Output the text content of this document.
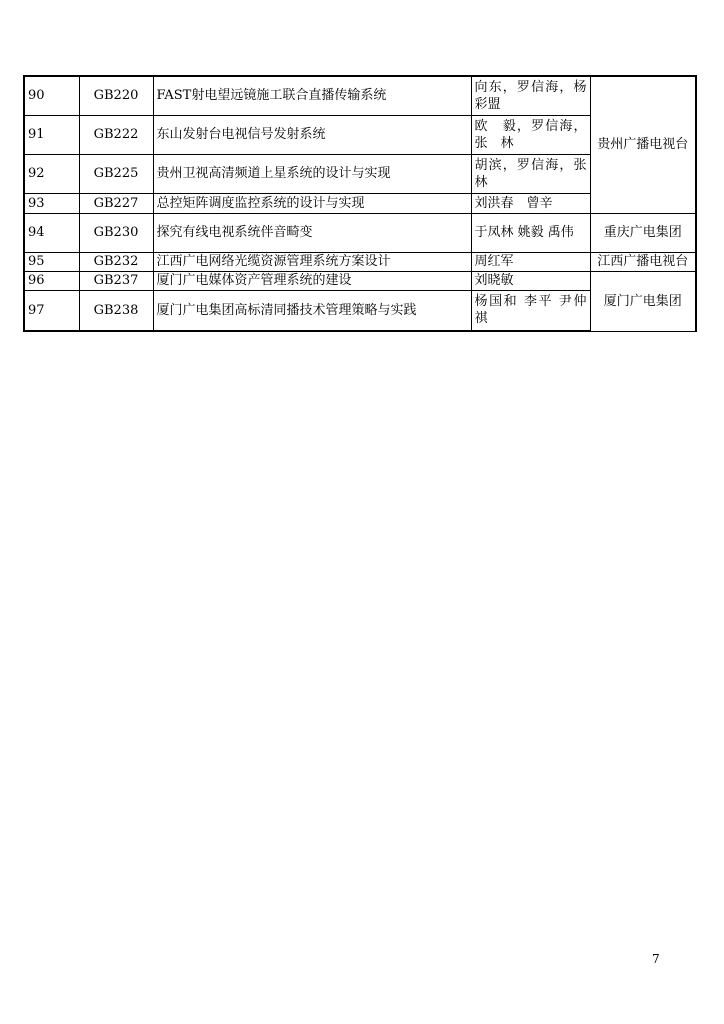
90	GB220	FAST射电望远镜施工联合直播传输系统	向东，罗信海，杨彩盟	贵州广播电视台
91	GB222	东山发射台电视信号发射系统	欧　毅，罗信海，张　林	
92	GB225	贵州卫视高清频道上星系统的设计与实现	胡滨，罗信海，张林	
93	GB227	总控矩阵调度监控系统的设计与实现	刘洪春　曾辛	
94	GB230	探究有线电视系统伴音畸变	于凤林 姚毅 禹伟	重庆广电集团
95	GB232	江西广电网络光缆资源管理系统方案设计	周红军	江西广播电视台
96	GB237	厦门广电媒体资产管理系统的建设	刘晓敏	厦门广电集团
97	GB238	厦门广电集团高标清同播技术管理策略与实践	杨国和 李平 尹仲祺	
7
